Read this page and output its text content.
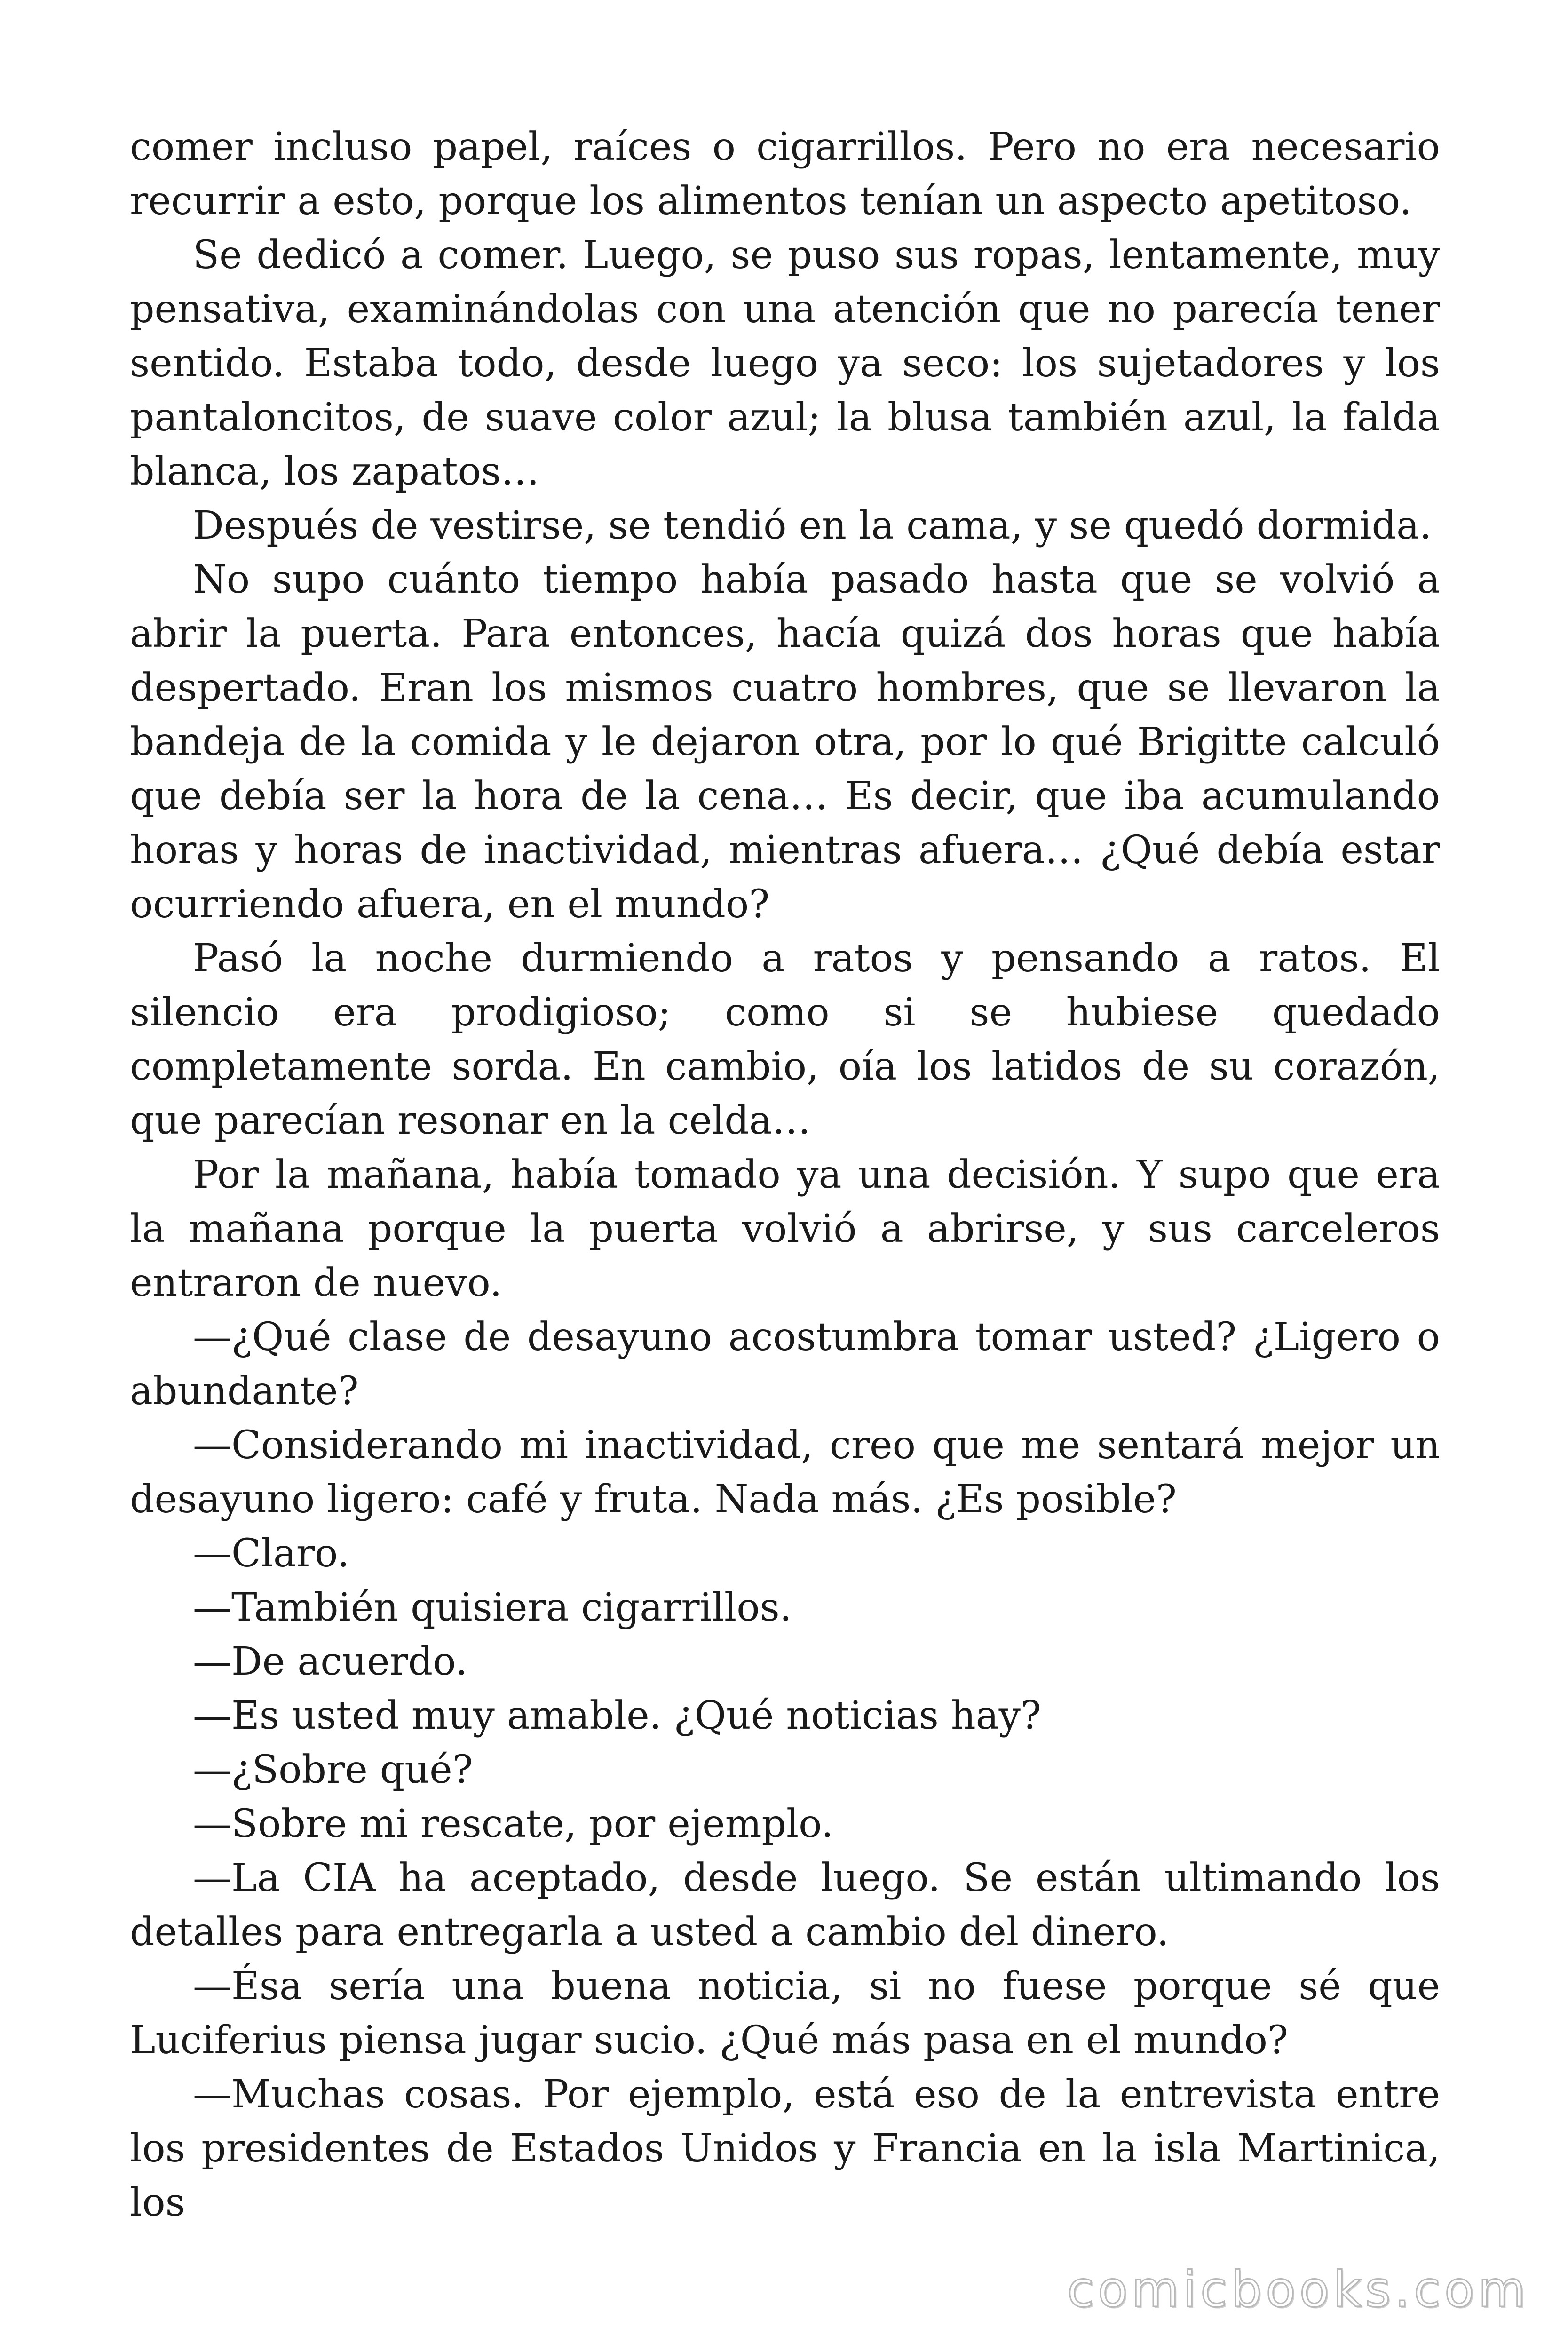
comer incluso papel, raíces o cigarrillos. Pero no era necesario recurrir a esto, porque los alimentos tenían un aspecto apetitoso.

Se dedicó a comer. Luego, se puso sus ropas, lentamente, muy pensativa, examinándolas con una atención que no parecía tener sentido. Estaba todo, desde luego ya seco: los sujetadores y los pantaloncitos, de suave color azul; la blusa también azul, la falda blanca, los zapatos…

Después de vestirse, se tendió en la cama, y se quedó dormida.

No supo cuánto tiempo había pasado hasta que se volvió a abrir la puerta. Para entonces, hacía quizá dos horas que había despertado. Eran los mismos cuatro hombres, que se llevaron la bandeja de la comida y le dejaron otra, por lo qué Brigitte calculó que debía ser la hora de la cena… Es decir, que iba acumulando horas y horas de inactividad, mientras afuera… ¿Qué debía estar ocurriendo afuera, en el mundo?

Pasó la noche durmiendo a ratos y pensando a ratos. El silencio era prodigioso; como si se hubiese quedado completamente sorda. En cambio, oía los latidos de su corazón, que parecían resonar en la celda…

Por la mañana, había tomado ya una decisión. Y supo que era la mañana porque la puerta volvió a abrirse, y sus carceleros entraron de nuevo.

—¿Qué clase de desayuno acostumbra tomar usted? ¿Ligero o abundante?

—Considerando mi inactividad, creo que me sentará mejor un desayuno ligero: café y fruta. Nada más. ¿Es posible?

—Claro.

—También quisiera cigarrillos.

—De acuerdo.

—Es usted muy amable. ¿Qué noticias hay?

—¿Sobre qué?

—Sobre mi rescate, por ejemplo.

—La CIA ha aceptado, desde luego. Se están ultimando los detalles para entregarla a usted a cambio del dinero.

—Ésa sería una buena noticia, si no fuese porque sé que Luciferius piensa jugar sucio. ¿Qué más pasa en el mundo?

—Muchas cosas. Por ejemplo, está eso de la entrevista entre los presidentes de Estados Unidos y Francia en la isla Martinica, los

comicbooks.com
